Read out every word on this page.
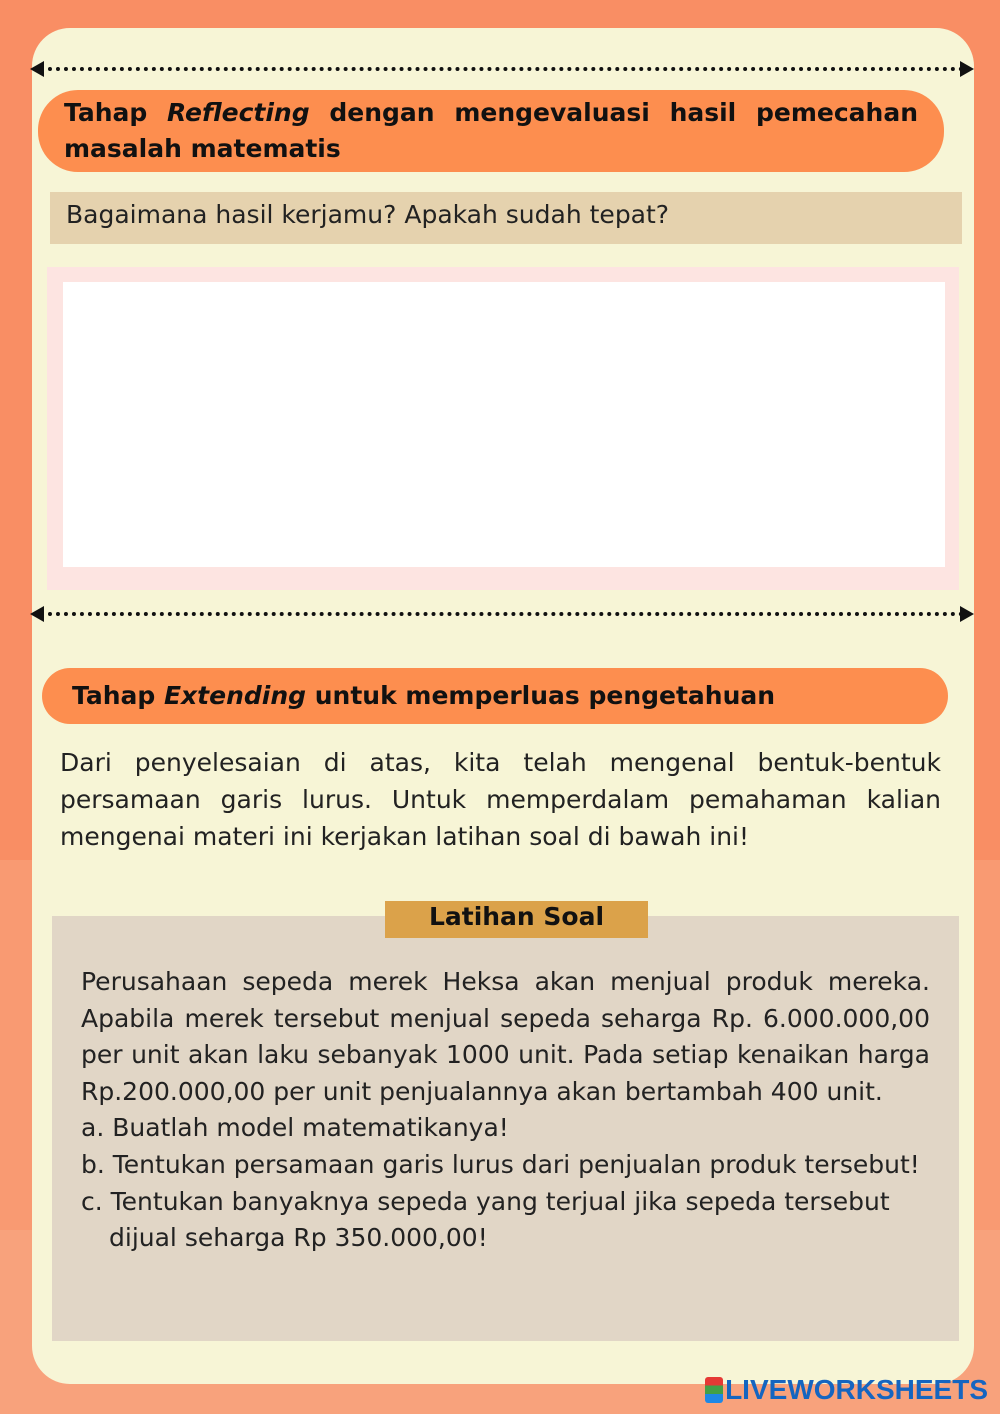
Tahap Reflecting dengan mengevaluasi hasil pemecahan masalah matematis
Bagaimana hasil kerjamu? Apakah sudah tepat?
Tahap Extending untuk memperluas pengetahuan
Dari penyelesaian di atas, kita telah mengenal bentuk-bentuk persamaan garis lurus. Untuk memperdalam pemahaman kalian mengenai materi ini kerjakan latihan soal di bawah ini!
Latihan Soal
Perusahaan sepeda merek Heksa akan menjual produk mereka. Apabila merek tersebut menjual sepeda seharga Rp. 6.000.000,00 per unit akan laku sebanyak 1000 unit. Pada setiap kenaikan harga Rp.200.000,00 per unit penjualannya akan bertambah 400 unit.
a. Buatlah model matematikanya!
b. Tentukan persamaan garis lurus dari penjualan produk tersebut!
c. Tentukan banyaknya sepeda yang terjual jika sepeda tersebut dijual seharga Rp 350.000,00!
LIVEWORKSHEETS
